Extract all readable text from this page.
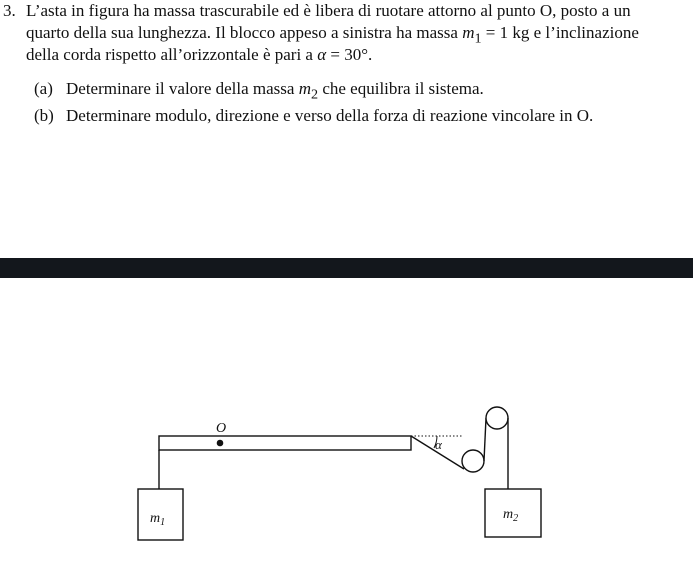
3. L’asta in figura ha massa trascurabile ed è libera di ruotare attorno al punto O, posto a un
quarto della sua lunghezza. Il blocco appeso a sinistra ha massa $m_1 = 1$ kg e l’inclinazione
della corda rispetto all’orizzontale è pari a α = 30°.
(a) Determinare il valore della massa $m_2$ che equilibra il sistema.
(b) Determinare modulo, direzione e verso della forza di reazione vincolare in O.
O
$m_1$
α
$m_2$
